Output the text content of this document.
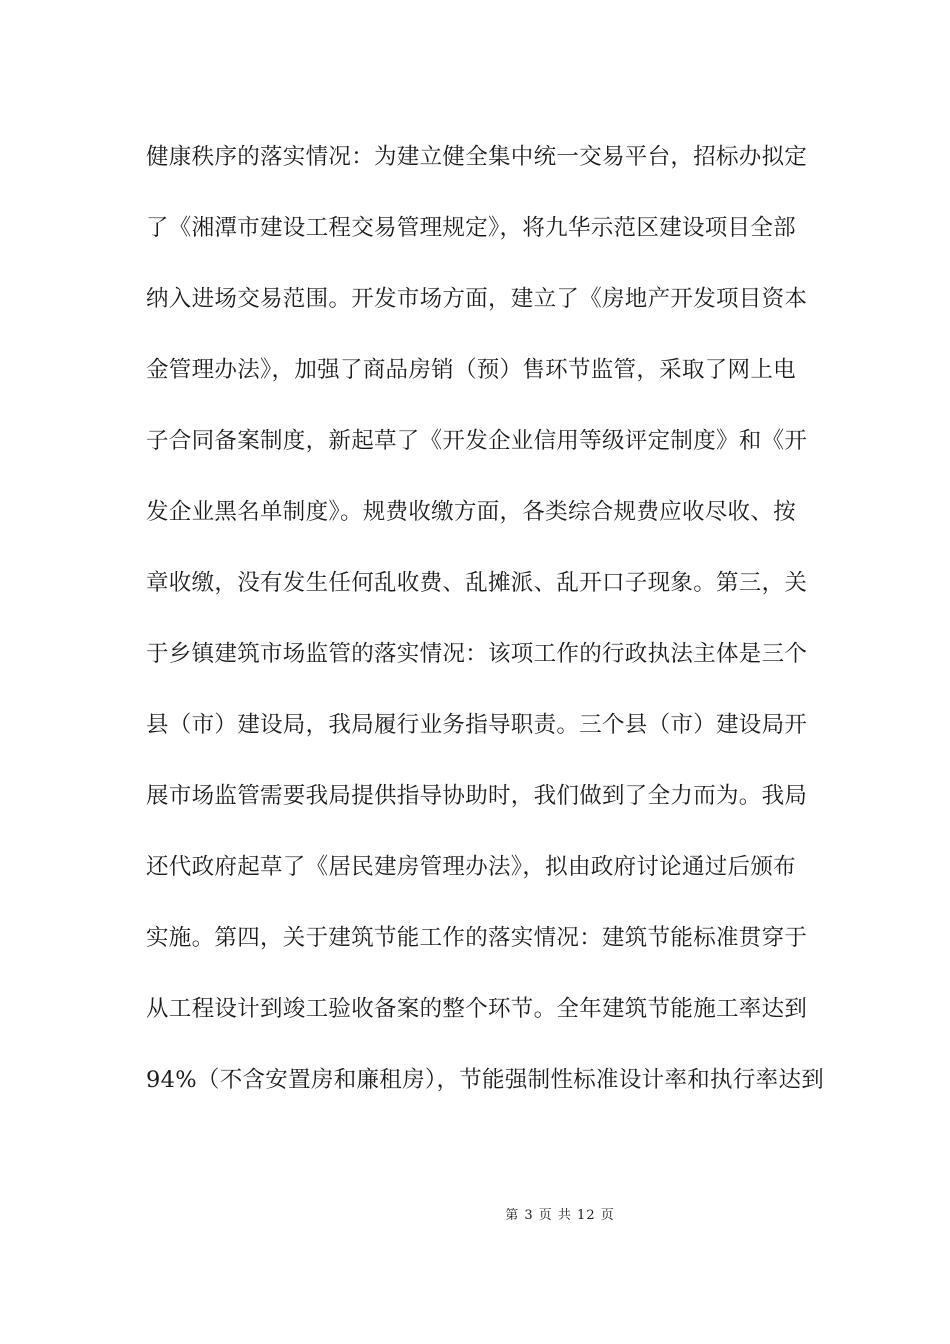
健康秩序的落实情况：为建立健全集中统一交易平台，招标办拟定
了《湘潭市建设工程交易管理规定》，将九华示范区建设项目全部
纳入进场交易范围。开发市场方面，建立了《房地产开发项目资本
金管理办法》，加强了商品房销（预）售环节监管，采取了网上电
子合同备案制度，新起草了《开发企业信用等级评定制度》和《开
发企业黑名单制度》。规费收缴方面，各类综合规费应收尽收、按
章收缴，没有发生任何乱收费、乱摊派、乱开口子现象。第三，关
于乡镇建筑市场监管的落实情况：该项工作的行政执法主体是三个
县（市）建设局，我局履行业务指导职责。三个县（市）建设局开
展市场监管需要我局提供指导协助时，我们做到了全力而为。我局
还代政府起草了《居民建房管理办法》，拟由政府讨论通过后颁布
实施。第四，关于建筑节能工作的落实情况：建筑节能标准贯穿于
从工程设计到竣工验收备案的整个环节。全年建筑节能施工率达到
94%（不含安置房和廉租房），节能强制性标准设计率和执行率达到
第 3 页 共 12 页
